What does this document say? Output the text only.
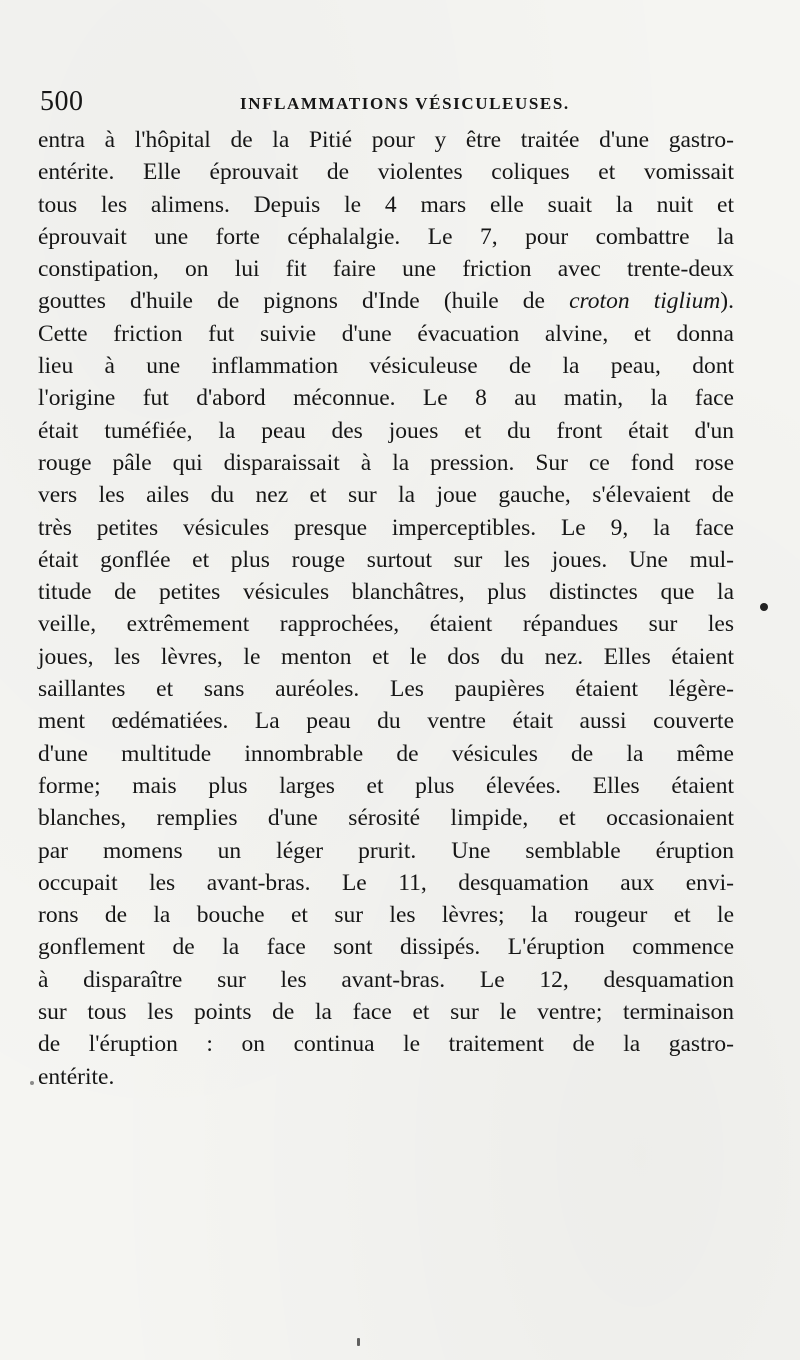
500	INFLAMMATIONS VÉSICULEUSES.
entra à l'hôpital de la Pitié pour y être traitée d'une gastro-
entérite. Elle éprouvait de violentes coliques et vomissait
tous les alimens. Depuis le 4 mars elle suait la nuit et
éprouvait une forte céphalalgie. Le 7, pour combattre la
constipation, on lui fit faire une friction avec trente-deux
gouttes d'huile de pignons d'Inde (huile de croton tiglium).
Cette friction fut suivie d'une évacuation alvine, et donna
lieu à une inflammation vésiculeuse de la peau, dont
l'origine fut d'abord méconnue. Le 8 au matin, la face
était tuméfiée, la peau des joues et du front était d'un
rouge pâle qui disparaissait à la pression. Sur ce fond rose
vers les ailes du nez et sur la joue gauche, s'élevaient de
très petites vésicules presque imperceptibles. Le 9, la face
était gonflée et plus rouge surtout sur les joues. Une mul-
titude de petites vésicules blanchâtres, plus distinctes que la
veille, extrêmement rapprochées, étaient répandues sur les
joues, les lèvres, le menton et le dos du nez. Elles étaient
saillantes et sans auréoles. Les paupières étaient légère-
ment œdématiées. La peau du ventre était aussi couverte
d'une multitude innombrable de vésicules de la même
forme; mais plus larges et plus élevées. Elles étaient
blanches, remplies d'une sérosité limpide, et occasionaient
par momens un léger prurit. Une semblable éruption
occupait les avant-bras. Le 11, desquamation aux envi-
rons de la bouche et sur les lèvres; la rougeur et le
gonflement de la face sont dissipés. L'éruption commence
à disparaître sur les avant-bras. Le 12, desquamation
sur tous les points de la face et sur le ventre; terminaison
de l'éruption : on continua le traitement de la gastro-
entérite.
